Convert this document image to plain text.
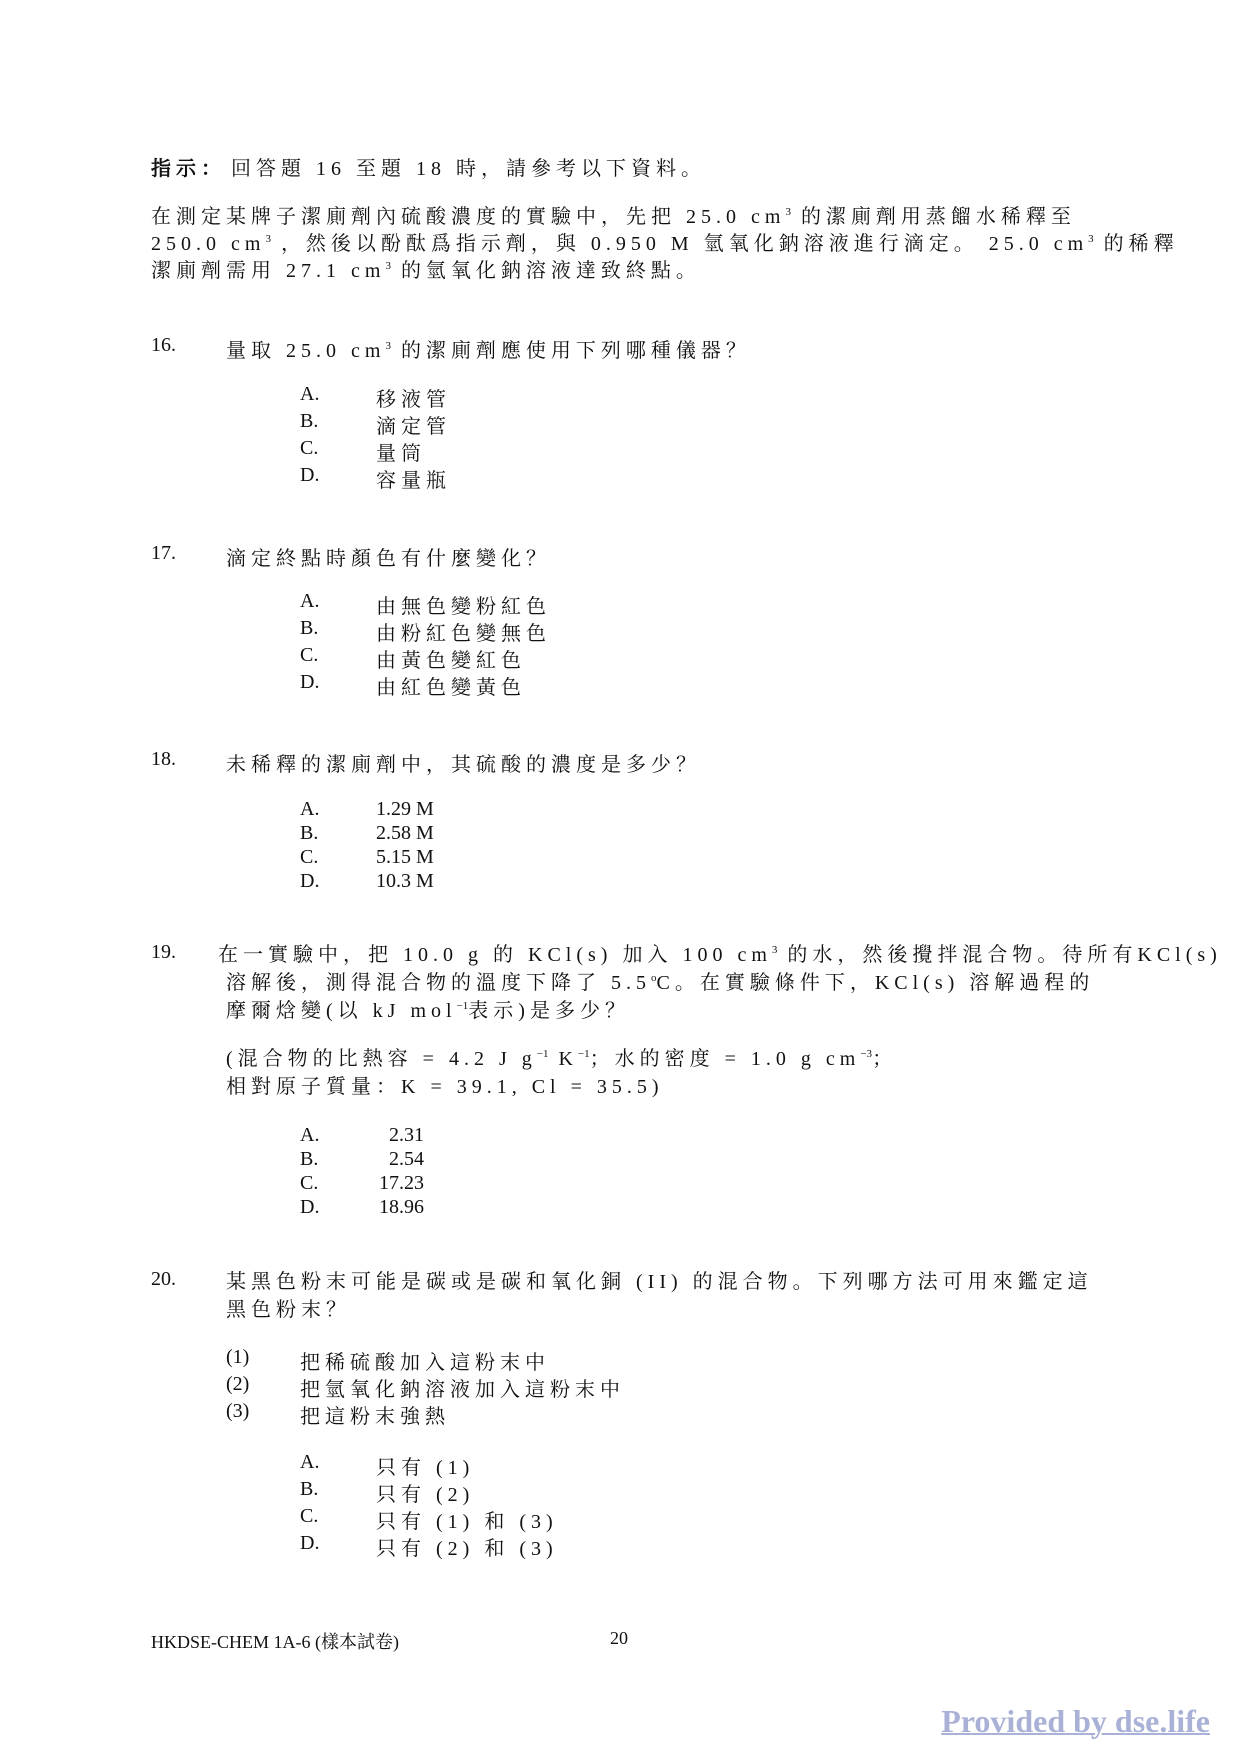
指示： 回答題 16 至題 18 時，請參考以下資料。
在測定某牌子潔廁劑內硫酸濃度的實驗中，先把 25.0 $cm^3$ 的潔廁劑用蒸餾水稀釋至
250.0 $cm^3$ ，然後以酚酞爲指示劑，與 0.950 M 氫氧化鈉溶液進行滴定。 25.0 $cm^3$ 的稀釋
潔廁劑需用 27.1 $cm^3$ 的氫氧化鈉溶液達致終點。
16.	量取 25.0 $cm^3$ 的潔廁劑應使用下列哪種儀器？
A.	移液管
B.	滴定管
C.	量筒
D.	容量瓶
17.	滴定終點時顏色有什麼變化？
A.	由無色變粉紅色
B.	由粉紅色變無色
C.	由黃色變紅色
D.	由紅色變黃色
18.	未稀釋的潔廁劑中，其硫酸的濃度是多少？
A.	1.29 M
B.	2.58 M
C.	5.15 M
D.	10.3 M
19. 在一實驗中，把 10.0 g 的 KCl(s) 加入 100 $cm^3$ 的水，然後攪拌混合物。待所有KCl(s)
溶解後，測得混合物的溫度下降了 5.5$^o$C。在實驗條件下，KCl(s) 溶解過程的
摩爾焓變(以 kJ mol$^{-1}$表示)是多少？
(混合物的比熱容 = 4.2 J $g^{-1}$ $K^{-1}$；水的密度 = 1.0 g $cm^{-3}$；
相對原子質量：K = 39.1, Cl = 35.5)
A.	2.31
B.	2.54
C.	17.23
D.	18.96
20.	某黑色粉末可能是碳或是碳和氧化銅 (II) 的混合物。下列哪方法可用來鑑定這
黑色粉末？
(1)	把稀硫酸加入這粉末中
(2)	把氫氧化鈉溶液加入這粉末中
(3)	把這粉末強熱
A.	只有 (1)
B.	只有 (2)
C.	只有 (1) 和 (3)
D.	只有 (2) 和 (3)
HKDSE-CHEM 1A-6 (樣本試卷)	20
Provided by dse.life
